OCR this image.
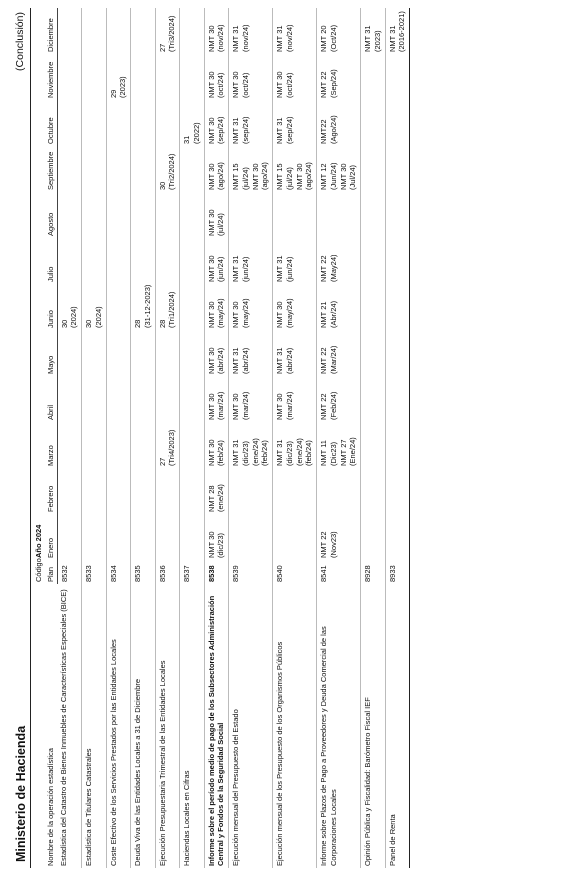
Ministerio de Hacienda
(Conclusión)
Nombre de la operación estadística	Código	Año 2024											
	Plan	Enero	Febrero	Marzo	Abril	Mayo	Junio	Julio	Agosto	Septiembre	Octubre	Noviembre	Diciembre
Estadística del Catastro de Bienes Inmuebles de Características Especiales (BICE)	8532						30 (2024)						

Estadística de Titulares Catastrales	8533						30 (2024)						

Coste Efectivo de los Servicios Prestados por las Entidades Locales	8534											29 (2023)	

Deuda Viva de las Entidades Locales a 31 de Diciembre	8535						28 (31-12-2023)						

Ejecución Presupuestaria Trimestral de las Entidades Locales	8536			27 (Tri4/2023)			28 (Tri1/2024)			30 (Tri2/2024)			27 (Tri3/2024)

Haciendas Locales en Cifras	8537										31 (2022)		

Informe sobre el período medio de pago de los Subsectores Administración Central y Fondos de la Seguridad Social	8538	NMT 30 (dic/23)	NMT 28 (ene/24)	NMT 30 (feb/24)	NMT 30 (mar/24)	NMT 30 (abr/24)	NMT 30 (may/24)	NMT 30 (jun/24)	NMT 30 (jul/24)	NMT 30 (ago/24)	NMT 30 (sep/24)	NMT 30 (oct/24)	NMT 30 (nov/24)

Ejecución mensual del Presupuesto del Estado	8539			NMT 31 (dic/23) (ene/24) (feb/24)	NMT 30 (mar/24)	NMT 31 (abr/24)	NMT 30 (may/24)	NMT 31 (jun/24)		NMT 15 (jul/24) NMT 30 (ago/24)	NMT 31 (sep/24)	NMT 30 (oct/24)	NMT 31 (nov/24)

Ejecución mensual de los Presupuesto de los Organismos Públicos	8540			NMT 31 (dic/23) (ene/24) (feb/24)	NMT 30 (mar/24)	NMT 31 (abr/24)	NMT 30 (may/24)	NMT 31 (jun/24)		NMT 15 (jul/24) NMT 30 (ago/24)	NMT 31 (sep/24)	NMT 30 (oct/24)	NMT 31 (nov/24)

Informe sobre Plazos de Pago a Proveedores y Deuda Comercial de las Corporaciones Locales	8541	NMT 22 (Nov23)		NMT 11 (Dic23) NMT 27 (Ene/24)	NMT 22 (Feb/24)	NMT 22 (Mar/24)	NMT 21 (Abr/24)	NMT 22 (May24)		NMT 12 (Jun/24) NMT 30 (Jul/24)	NMT22 (Ago/24)	NMT 22 (Sep/24)	NMT 20 (Oct/24)

Opinión Pública y Fiscalidad: Barómetro Fiscal IEF	8928												NMT 31 (2023)

Panel de Renta	8933												NMT 31 (2016-2021)
